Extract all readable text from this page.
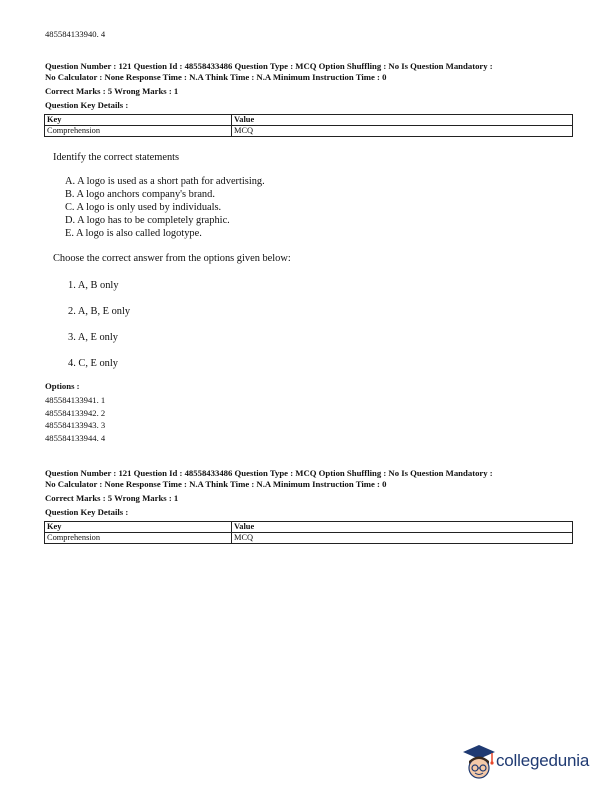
485584133940. 4
Question Number : 121 Question Id : 48558433486 Question Type : MCQ Option Shuffling : No Is Question Mandatory :
No Calculator : None Response Time : N.A Think Time : N.A Minimum Instruction Time : 0
Correct Marks : 5 Wrong Marks : 1
Question Key Details :
Key	Value
Comprehension	MCQ
Identify the correct statements
A. A logo is used as a short path for advertising.
B. A logo anchors company's brand.
C. A logo is only used by individuals.
D. A logo has to be completely graphic.
E. A logo is also called logotype.
Choose the correct answer from the options given below:
1. A, B only
2. A, B, E only
3. A, E only
4. C, E only
Options :
485584133941. 1
485584133942. 2
485584133943. 3
485584133944. 4
Question Number : 121 Question Id : 48558433486 Question Type : MCQ Option Shuffling : No Is Question Mandatory :
No Calculator : None Response Time : N.A Think Time : N.A Minimum Instruction Time : 0
Correct Marks : 5 Wrong Marks : 1
Question Key Details :
Key	Value
Comprehension	MCQ
collegedunia
